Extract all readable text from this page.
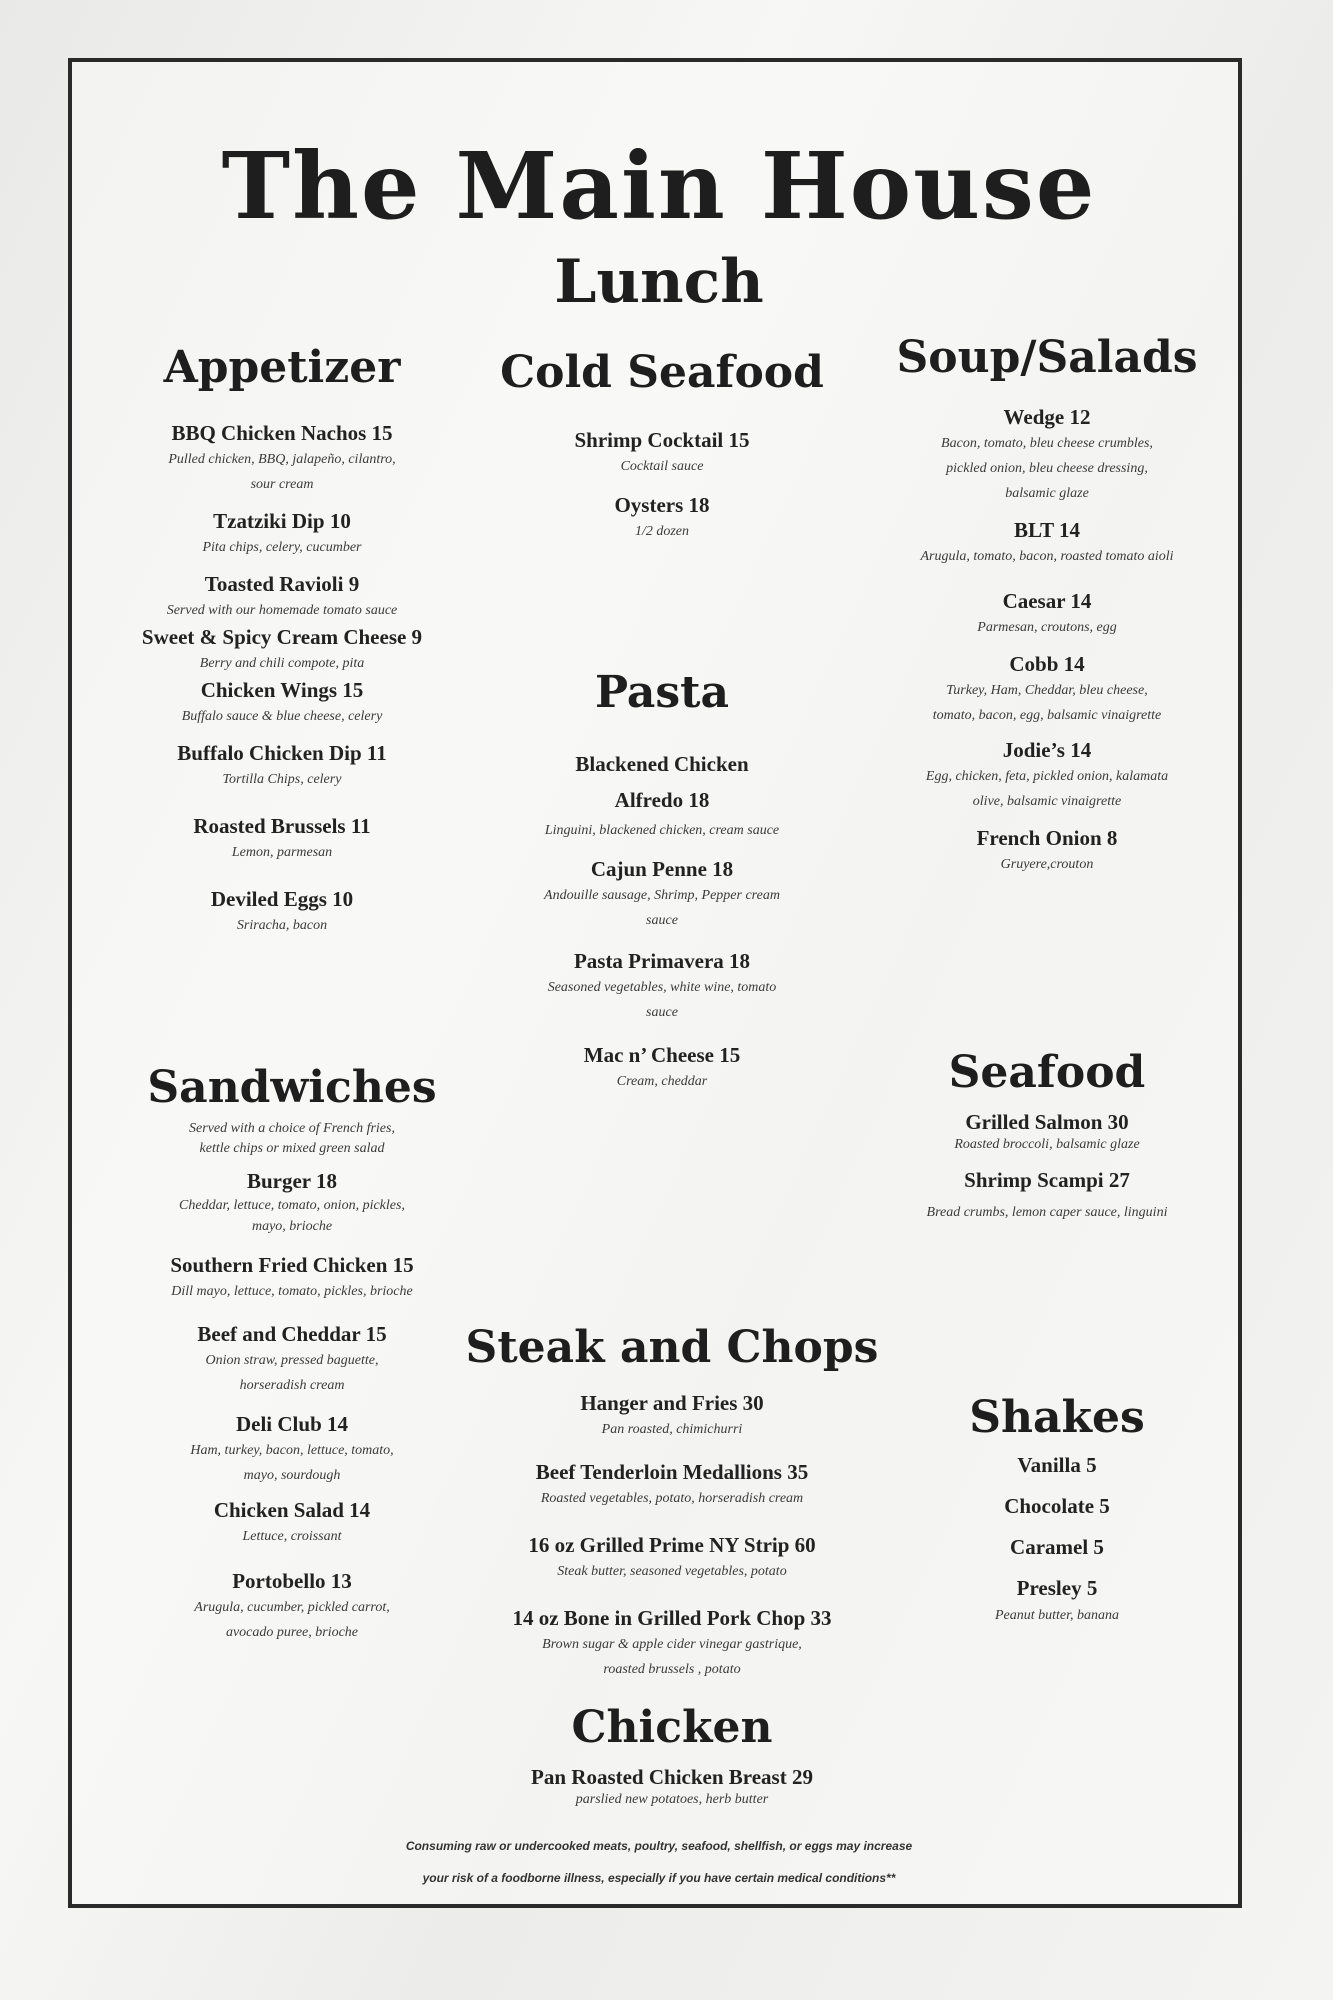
The Main House
Lunch
Appetizer
BBQ Chicken Nachos 15
Pulled chicken, BBQ, jalapeño, cilantro,
sour cream
Tzatziki Dip 10
Pita chips, celery, cucumber
Toasted Ravioli 9
Served with our homemade tomato sauce
Sweet & Spicy Cream Cheese 9
Berry and chili compote, pita
Chicken Wings 15
Buffalo sauce & blue cheese, celery
Buffalo Chicken Dip 11
Tortilla Chips, celery
Roasted Brussels 11
Lemon, parmesan
Deviled Eggs 10
Sriracha, bacon
Sandwiches
Served with a choice of French fries,
kettle chips or mixed green salad
Burger 18
Cheddar, lettuce, tomato, onion, pickles,
mayo, brioche
Southern Fried Chicken 15
Dill mayo, lettuce, tomato, pickles, brioche
Beef and Cheddar 15
Onion straw, pressed baguette,
horseradish cream
Deli Club 14
Ham, turkey, bacon, lettuce, tomato,
mayo, sourdough
Chicken Salad 14
Lettuce, croissant
Portobello 13
Arugula, cucumber, pickled carrot,
avocado puree, brioche
Cold Seafood
Shrimp Cocktail 15
Cocktail sauce
Oysters 18
1/2 dozen
Pasta
Blackened Chicken
Alfredo 18
Linguini, blackened chicken, cream sauce
Cajun Penne 18
Andouille sausage, Shrimp, Pepper cream
sauce
Pasta Primavera 18
Seasoned vegetables, white wine, tomato
sauce
Mac n’ Cheese 15
Cream, cheddar
Steak and Chops
Hanger and Fries 30
Pan roasted, chimichurri
Beef Tenderloin Medallions 35
Roasted vegetables, potato, horseradish cream
16 oz Grilled Prime NY Strip 60
Steak butter, seasoned vegetables, potato
14 oz Bone in Grilled Pork Chop 33
Brown sugar & apple cider vinegar gastrique,
roasted brussels , potato
Chicken
Pan Roasted Chicken Breast 29
parslied new potatoes, herb butter
Soup/Salads
Wedge 12
Bacon, tomato, bleu cheese crumbles,
pickled onion, bleu cheese dressing,
balsamic glaze
BLT 14
Arugula, tomato, bacon, roasted tomato aioli
Caesar 14
Parmesan, croutons, egg
Cobb 14
Turkey, Ham, Cheddar, bleu cheese,
tomato, bacon, egg, balsamic vinaigrette
Jodie’s 14
Egg, chicken, feta, pickled onion, kalamata
olive, balsamic vinaigrette
French Onion 8
Gruyere,crouton
Seafood
Grilled Salmon 30
Roasted broccoli, balsamic glaze
Shrimp Scampi 27
Bread crumbs, lemon caper sauce, linguini
Shakes
Vanilla 5
Chocolate 5
Caramel 5
Presley 5
Peanut butter, banana
Consuming raw or undercooked meats, poultry, seafood, shellfish, or eggs may increase
your risk of a foodborne illness, especially if you have certain medical conditions**
